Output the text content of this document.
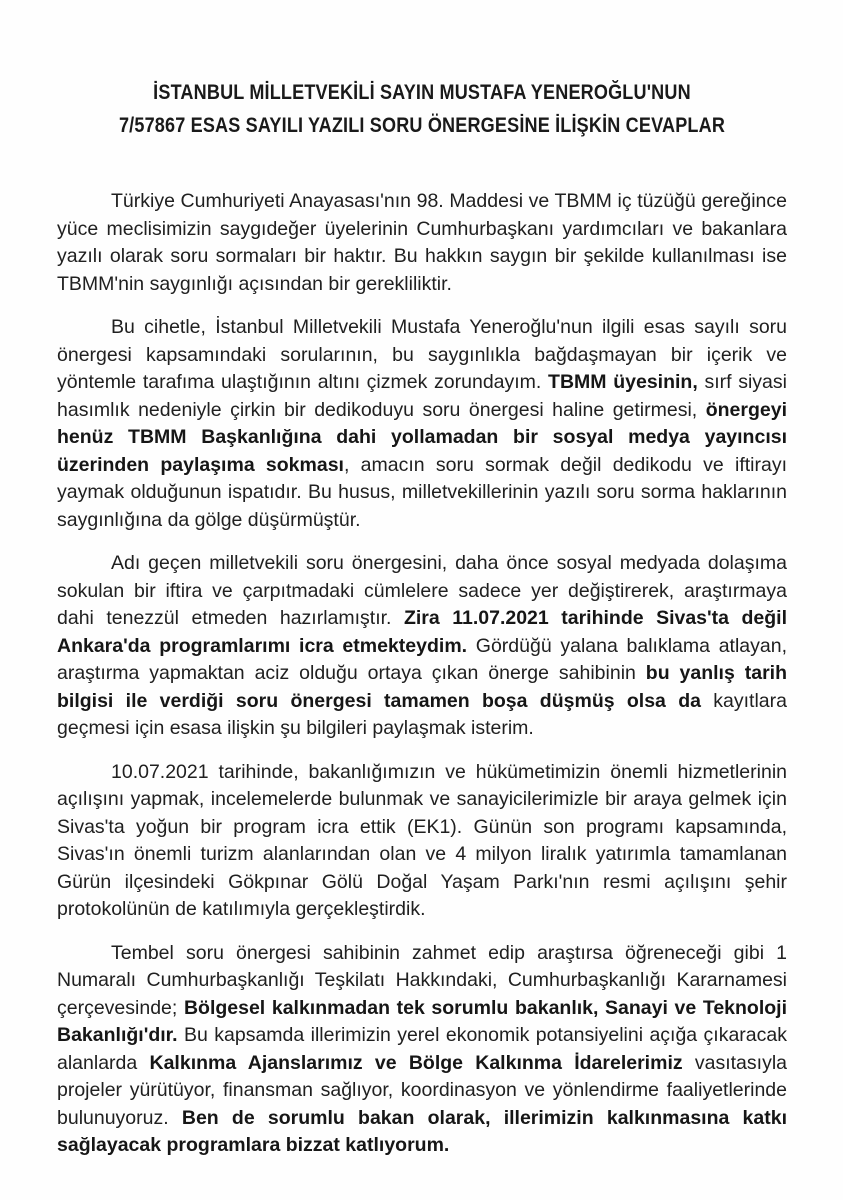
İSTANBUL MİLLETVEKİLİ SAYIN MUSTAFA YENEROĞLU'NUN
7/57867 ESAS SAYILI YAZILI SORU ÖNERGESİNE İLİŞKİN CEVAPLAR

Türkiye Cumhuriyeti Anayasası'nın 98. Maddesi ve TBMM iç tüzüğü gereğince yüce meclisimizin saygıdeğer üyelerinin Cumhurbaşkanı yardımcıları ve bakanlara yazılı olarak soru sormaları bir haktır. Bu hakkın saygın bir şekilde kullanılması ise TBMM'nin saygınlığı açısından bir gerekliliktir.

Bu cihetle, İstanbul Milletvekili Mustafa Yeneroğlu'nun ilgili esas sayılı soru önergesi kapsamındaki sorularının, bu saygınlıkla bağdaşmayan bir içerik ve yöntemle tarafıma ulaştığının altını çizmek zorundayım. TBMM üyesinin, sırf siyasi hasımlık nedeniyle çirkin bir dedikoduyu soru önergesi haline getirmesi, önergeyi henüz TBMM Başkanlığına dahi yollamadan bir sosyal medya yayıncısı üzerinden paylaşıma sokması, amacın soru sormak değil dedikodu ve iftirayı yaymak olduğunun ispatıdır. Bu husus, milletvekillerinin yazılı soru sorma haklarının saygınlığına da gölge düşürmüştür.

Adı geçen milletvekili soru önergesini, daha önce sosyal medyada dolaşıma sokulan bir iftira ve çarpıtmadaki cümlelere sadece yer değiştirerek, araştırmaya dahi tenezzül etmeden hazırlamıştır. Zira 11.07.2021 tarihinde Sivas'ta değil Ankara'da programlarımı icra etmekteydim. Gördüğü yalana balıklama atlayan, araştırma yapmaktan aciz olduğu ortaya çıkan önerge sahibinin bu yanlış tarih bilgisi ile verdiği soru önergesi tamamen boşa düşmüş olsa da kayıtlara geçmesi için esasa ilişkin şu bilgileri paylaşmak isterim.

10.07.2021 tarihinde, bakanlığımızın ve hükümetimizin önemli hizmetlerinin açılışını yapmak, incelemelerde bulunmak ve sanayicilerimizle bir araya gelmek için Sivas'ta yoğun bir program icra ettik (EK1). Günün son programı kapsamında, Sivas'ın önemli turizm alanlarından olan ve 4 milyon liralık yatırımla tamamlanan Gürün ilçesindeki Gökpınar Gölü Doğal Yaşam Parkı'nın resmi açılışını şehir protokolünün de katılımıyla gerçekleştirdik.

Tembel soru önergesi sahibinin zahmet edip araştırsa öğreneceği gibi 1 Numaralı Cumhurbaşkanlığı Teşkilatı Hakkındaki, Cumhurbaşkanlığı Kararnamesi çerçevesinde; Bölgesel kalkınmadan tek sorumlu bakanlık, Sanayi ve Teknoloji Bakanlığı'dır. Bu kapsamda illerimizin yerel ekonomik potansiyelini açığa çıkaracak alanlarda Kalkınma Ajanslarımız ve Bölge Kalkınma İdarelerimiz vasıtasıyla projeler yürütüyor, finansman sağlıyor, koordinasyon ve yönlendirme faaliyetlerinde bulunuyoruz. Ben de sorumlu bakan olarak, illerimizin kalkınmasına katkı sağlayacak programlara bizzat katlıyorum.
